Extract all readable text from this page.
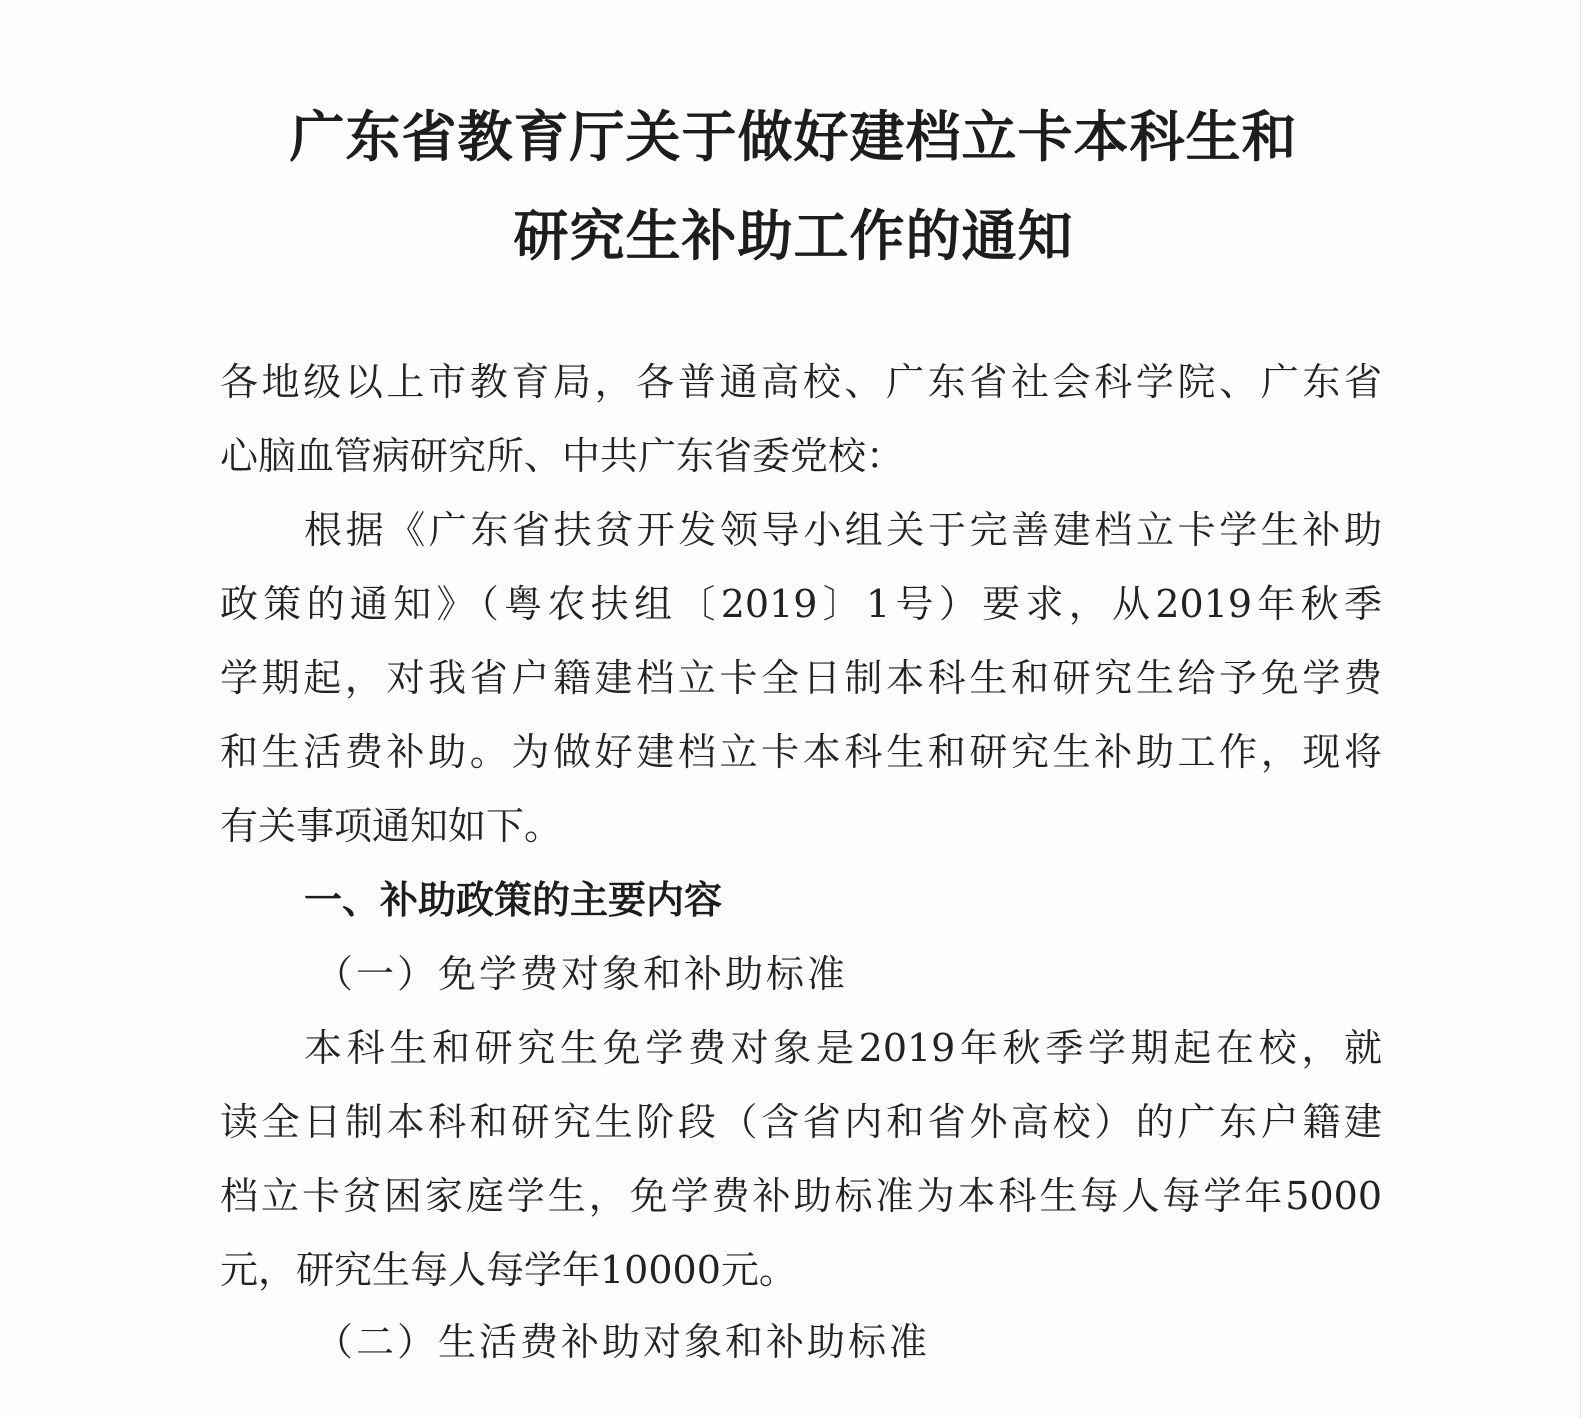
广东省教育厅关于做好建档立卡本科生和
研究生补助工作的通知
各地级以上市教育局，各普通高校、广东省社会科学院、广东省
心脑血管病研究所、中共广东省委党校：
根据《广东省扶贫开发领导小组关于完善建档立卡学生补助
政策的通知》（粤农扶组〔2019〕1号）要求，从2019年秋季
学期起，对我省户籍建档立卡全日制本科生和研究生给予免学费
和生活费补助。为做好建档立卡本科生和研究生补助工作，现将
有关事项通知如下。
一、补助政策的主要内容
（一）免学费对象和补助标准
本科生和研究生免学费对象是2019年秋季学期起在校，就
读全日制本科和研究生阶段（含省内和省外高校）的广东户籍建
档立卡贫困家庭学生，免学费补助标准为本科生每人每学年5000
元，研究生每人每学年10000元。
（二）生活费补助对象和补助标准
